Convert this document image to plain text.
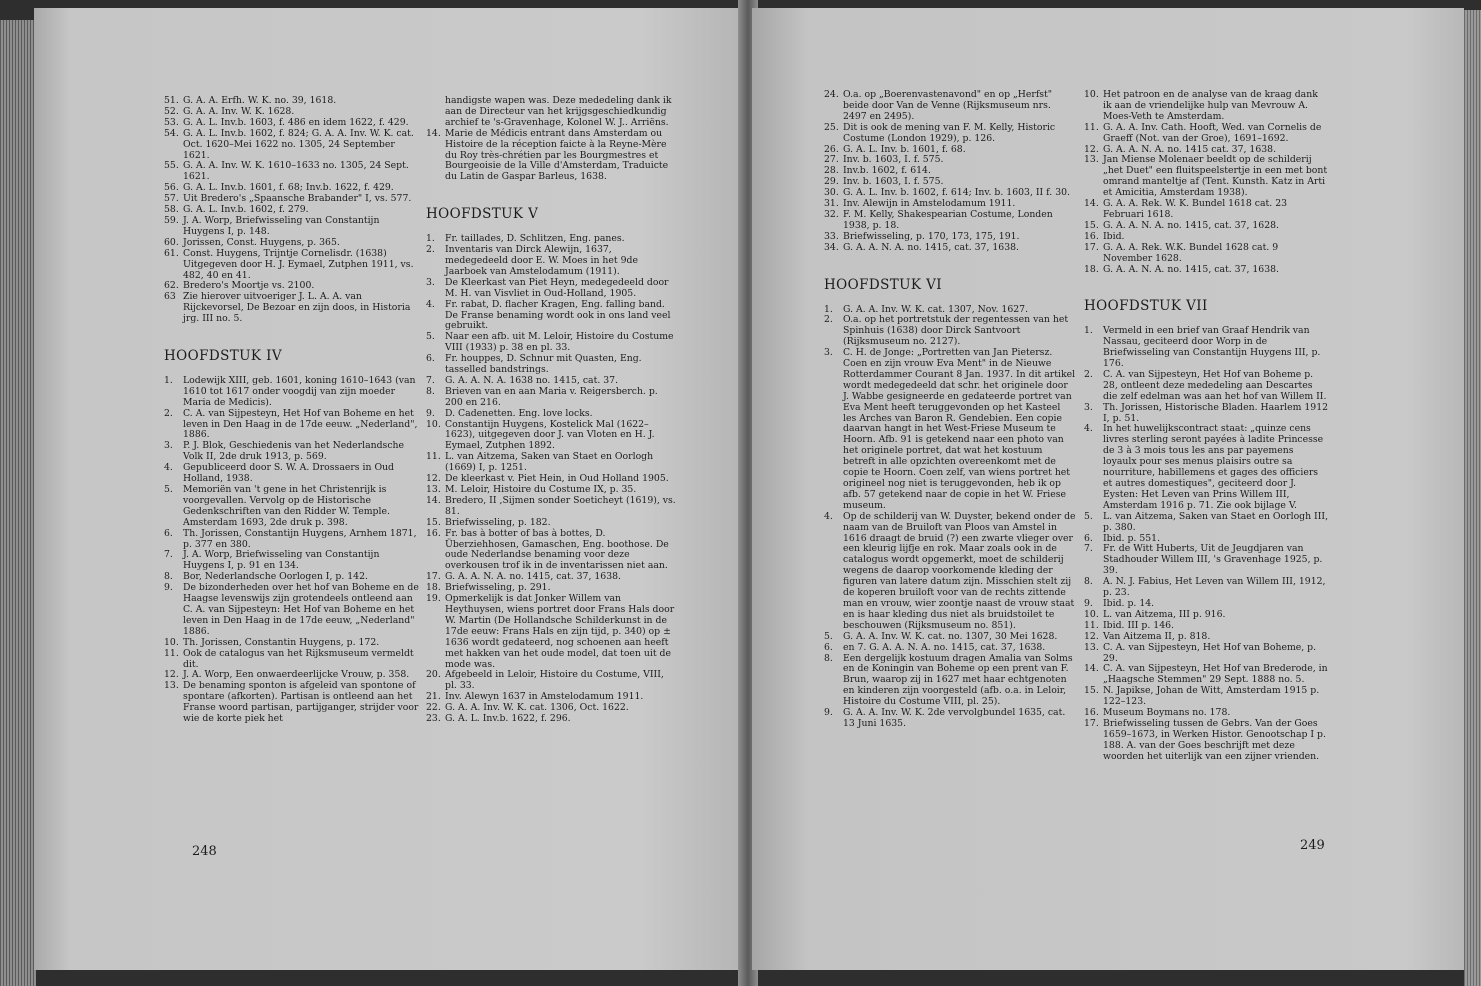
51. G. A. A. Erfh. W. K. no. 39, 1618.
52. G. A. A. Inv. W. K. 1628.
53. G. A. L. Inv.b. 1603, f. 486 en idem 1622, f. 429.
54. G. A. L. Inv.b. 1602, f. 824; G. A. A. Inv. W. K. cat. Oct. 1620–Mei 1622 no. 1305, 24 September 1621.
55. G. A. A. Inv. W. K. 1610–1633 no. 1305, 24 Sept. 1621.
56. G. A. L. Inv.b. 1601, f. 68; Inv.b. 1622, f. 429.
57. Uit Bredero's „Spaansche Brabander" I, vs. 577.
58. G. A. L. Inv.b. 1602, f. 279.
59. J. A. Worp, Briefwisseling van Constantijn Huygens I, p. 148.
60. Jorissen, Const. Huygens, p. 365.
61. Const. Huygens, Trijntje Cornelisdr. (1638) Uitgegeven door H. J. Eymael, Zutphen 1911, vs. 482, 40 en 41.
62. Bredero's Moortje vs. 2100.
63 Zie hierover uitvoeriger J. L. A. A. van Rijckevorsel, De Bezoar en zijn doos, in Historia jrg. III no. 5.
HOOFDSTUK IV
1.	Lodewijk XIII, geb. 1601, koning 1610–1643 (van 1610 tot 1617 onder voogdij van zijn moeder Maria de Medicis).
2.	C. A. van Sijpesteyn, Het Hof van Boheme en het leven in Den Haag in de 17de eeuw. „Nederland", 1886.
3.	P. J. Blok, Geschiedenis van het Nederlandsche Volk II, 2de druk 1913, p. 569.
4.	Gepubliceerd door S. W. A. Drossaers in Oud Holland, 1938.
5.	Memoriën van 't gene in het Christenrijk is voorgevallen. Vervolg op de Historische Gedenkschriften van den Ridder W. Temple. Amsterdam 1693, 2de druk p. 398.
6.	Th. Jorissen, Constantijn Huygens, Arnhem 1871, p. 377 en 380.
7.	J. A. Worp, Briefwisseling van Constantijn Huygens I, p. 91 en 134.
8.	Bor, Nederlandsche Oorlogen I, p. 142.
9.	De bizonderheden over het hof van Boheme en de Haagse levenswijs zijn grotendeels ontleend aan C. A. van Sijpesteyn: Het Hof van Boheme en het leven in Den Haag in de 17de eeuw, „Nederland" 1886.
10. Th. Jorissen, Constantin Huygens, p. 172.
11. Ook de catalogus van het Rijksmuseum vermeldt dit.
12. J. A. Worp, Een onwaerdeerlijcke Vrouw, p. 358.
13. De benaming sponton is afgeleid van spontone of spontare (afkorten). Partisan is ontleend aan het Franse woord partisan, partijganger, strijder voor wie de korte piek het
handigste wapen was. Deze mededeling dank ik aan de Directeur van het krijgsgeschiedkundig archief te 's-Gravenhage, Kolonel W. J.. Arriëns.
14. Marie de Médicis entrant dans Amsterdam ou Histoire de la réception faicte à la Reyne-Mère du Roy très-chrétien par les Bourgmestres et Bourgeoisie de la Ville d'Amsterdam, Traduicte du Latin de Gaspar Barleus, 1638.
HOOFDSTUK V
1.	Fr. taillades, D. Schlitzen, Eng. panes.
2.	Inventaris van Dirck Alewijn, 1637, medegedeeld door E. W. Moes in het 9de Jaarboek van Amstelodamum (1911).
3.	De Kleerkast van Piet Heyn, medegedeeld door M. H. van Visvliet in Oud-Holland, 1905.
4.	Fr. rabat, D. flacher Kragen, Eng. falling band. De Franse benaming wordt ook in ons land veel gebruikt.
5.	Naar een afb. uit M. Leloir, Histoire du Costume VIII (1933) p. 38 en pl. 33.
6.	Fr. houppes, D. Schnur mit Quasten, Eng. tasselled bandstrings.
7.	G. A. A. N. A. 1638 no. 1415, cat. 37.
8.	Brieven van en aan Maria v. Reigersberch. p. 200 en 216.
9.	D. Cadenetten. Eng. love locks.
10. Constantijn Huygens, Kostelick Mal (1622–1623), uitgegeven door J. van Vloten en H. J. Eymael, Zutphen 1892.
11. L. van Aitzema, Saken van Staet en Oorlogh (1669) I, p. 1251.
12. De kleerkast v. Piet Hein, in Oud Holland 1905.
13. M. Leloir, Histoire du Costume IX, p. 35.
14. Bredero, II ,Sijmen sonder Soeticheyt (1619), vs. 81.
15. Briefwisseling, p. 182.
16. Fr. bas à botter of bas à bottes, D. Überziehhosen, Gamaschen, Eng. boothose. De oude Nederlandse benaming voor deze overkousen trof ik in de inventarissen niet aan.
17. G. A. A. N. A. no. 1415, cat. 37, 1638.
18. Briefwisseling, p. 291.
19. Opmerkelijk is dat Jonker Willem van Heythuysen, wiens portret door Frans Hals door W. Martin (De Hollandsche Schilderkunst in de 17de eeuw: Frans Hals en zijn tijd, p. 340) op ± 1636 wordt gedateerd, nog schoenen aan heeft met hakken van het oude model, dat toen uit de mode was.
20. Afgebeeld in Leloir, Histoire du Costume, VIII, pl. 33.
21. Inv. Alewyn 1637 in Amstelodamum 1911.
22. G. A. A. Inv. W. K. cat. 1306, Oct. 1622.
23. G. A. L. Inv.b. 1622, f. 296.
248
24. O.a. op „Boerenvastenavond" en op „Herfst" beide door Van de Venne (Rijksmuseum nrs. 2497 en 2495).
25. Dit is ook de mening van F. M. Kelly, Historic Costume (London 1929), p. 126.
26. G. A. L. Inv. b. 1601, f. 68.
27. Inv. b. 1603, I. f. 575.
28. Inv.b. 1602, f. 614.
29. Inv. b. 1603, I. f. 575.
30. G. A. L. Inv. b. 1602, f. 614; Inv. b. 1603, II f. 30.
31. Inv. Alewijn in Amstelodamum 1911.
32. F. M. Kelly, Shakespearian Costume, Londen 1938, p. 18.
33. Briefwisseling, p. 170, 173, 175, 191.
34. G. A. A. N. A. no. 1415, cat. 37, 1638.
HOOFDSTUK VI
1.	G. A. A. Inv. W. K. cat. 1307, Nov. 1627.
2.	O.a. op het portretstuk der regentessen van het Spinhuis (1638) door Dirck Santvoort (Rijksmuseum no. 2127).
3.	C. H. de Jonge: „Portretten van Jan Pietersz. Coen en zijn vrouw Eva Ment" in de Nieuwe Rotterdammer Courant 8 Jan. 1937. In dit artikel wordt medegedeeld dat schr. het originele door J. Wabbe gesigneerde en gedateerde portret van Eva Ment heeft teruggevonden op het Kasteel les Arches van Baron R. Gendebien. Een copie daarvan hangt in het West-Friese Museum te Hoorn. Afb. 91 is getekend naar een photo van het originele portret, dat wat het kostuum betreft in alle opzichten overeenkomt met de copie te Hoorn. Coen zelf, van wiens portret het origineel nog niet is teruggevonden, heb ik op afb. 57 getekend naar de copie in het W. Friese museum.
4.	Op de schilderij van W. Duyster, bekend onder de naam van de Bruiloft van Ploos van Amstel in 1616 draagt de bruid (?) een zwarte vlieger over een kleurig lijfje en rok. Maar zoals ook in de catalogus wordt opgemerkt, moet de schilderij wegens de daarop voorkomende kleding der figuren van latere datum zijn. Misschien stelt zij de koperen bruiloft voor van de rechts zittende man en vrouw, wier zoontje naast de vrouw staat en is haar kleding dus niet als bruidstoilet te beschouwen (Rijksmuseum no. 851).
5.	G. A. A. Inv. W. K. cat. no. 1307, 30 Mei 1628.
6.	en 7. G. A. A. N. A. no. 1415, cat. 37, 1638.
8.	Een dergelijk kostuum dragen Amalia van Solms en de Koningin van Boheme op een prent van F. Brun, waarop zij in 1627 met haar echtgenoten en kinderen zijn voorgesteld (afb. o.a. in Leloir, Histoire du Costume VIII, pl. 25).
9.	G. A. A. Inv. W. K. 2de vervolgbundel 1635, cat. 13 Juni 1635.
10. Het patroon en de analyse van de kraag dank ik aan de vriendelijke hulp van Mevrouw A. Moes-Veth te Amsterdam.
11. G. A. A. Inv. Cath. Hooft, Wed. van Cornelis de Graeff (Not. van der Groe), 1691–1692.
12. G. A. A. N. A. no. 1415 cat. 37, 1638.
13. Jan Miense Molenaer beeldt op de schilderij „het Duet" een fluitspeelstertje in een met bont omrand manteltje af (Tent. Kunsth. Katz in Arti et Amicitia, Amsterdam 1938).
14. G. A. A. Rek. W. K. Bundel 1618 cat. 23 Februari 1618.
15. G. A. A. N. A. no. 1415, cat. 37, 1628.
16. Ibid.
17. G. A. A. Rek. W.K. Bundel 1628 cat. 9 November 1628.
18. G. A. A. N. A. no. 1415, cat. 37, 1638.
HOOFDSTUK VII
1.	Vermeld in een brief van Graaf Hendrik van Nassau, geciteerd door Worp in de Briefwisseling van Constantijn Huygens III, p. 176.
2.	C. A. van Sijpesteyn, Het Hof van Boheme p. 28, ontleent deze mededeling aan Descartes die zelf edelman was aan het hof van Willem II.
3.	Th. Jorissen, Historische Bladen. Haarlem 1912 I, p. 51.
4.	In het huwelijkscontract staat: „quinze cens livres sterling seront payées à ladite Princesse de 3 à 3 mois tous les ans par payemens loyaulx pour ses menus plaisirs outre sa nourriture, habillemens et gages des officiers et autres domestiques", geciteerd door J. Eysten: Het Leven van Prins Willem III, Amsterdam 1916 p. 71. Zie ook bijlage V.
5.	L. van Aitzema, Saken van Staet en Oorlogh III, p. 380.
6.	Ibid. p. 551.
7.	Fr. de Witt Huberts, Uit de Jeugdjaren van Stadhouder Willem III, 's Gravenhage 1925, p. 39.
8.	A. N. J. Fabius, Het Leven van Willem III, 1912, p. 23.
9.	Ibid. p. 14.
10. L. van Aitzema, III p. 916.
11. Ibid. III p. 146.
12. Van Aitzema II, p. 818.
13. C. A. van Sijpesteyn, Het Hof van Boheme, p. 29.
14. C. A. van Sijpesteyn, Het Hof van Brederode, in „Haagsche Stemmen" 29 Sept. 1888 no. 5.
15. N. Japikse, Johan de Witt, Amsterdam 1915 p. 122–123.
16. Museum Boymans no. 178.
17. Briefwisseling tussen de Gebrs. Van der Goes 1659–1673, in Werken Histor. Genootschap I p. 188. A. van der Goes beschrijft met deze woorden het uiterlijk van een zijner vrienden.
249
